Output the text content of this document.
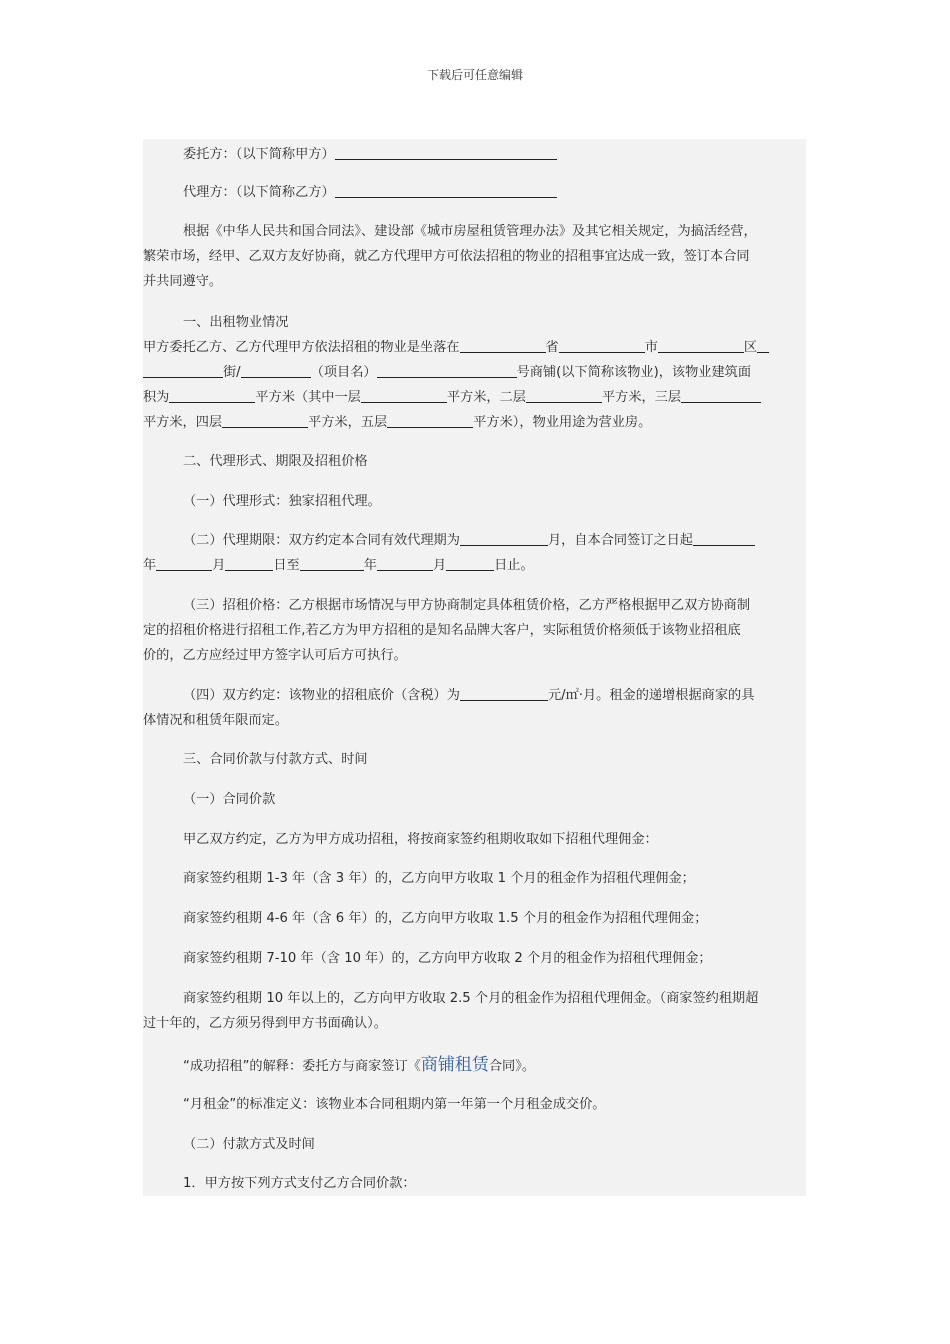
下载后可任意编辑

委托方：（以下简称甲方）

代理方：（以下简称乙方）

根据《中华人民共和国合同法》、建设部《城市房屋租赁管理办法》及其它相关规定，为搞活经营，
繁荣市场，经甲、乙双方友好协商，就乙方代理甲方可依法招租的物业的招租事宜达成一致，签订本合同
并共同遵守。

一、出租物业情况
甲方委托乙方、乙方代理甲方依法招租的物业是坐落在	省	市	区
街/	（项目名）	号商铺(以下简称该物业)，该物业建筑面
积为	平方米（其中一层	平方米，二层	平方米，三层
平方米，四层	平方米，五层	平方米），物业用途为营业房。

二、代理形式、期限及招租价格

（一）代理形式：独家招租代理。

（二）代理期限：双方约定本合同有效代理期为	月，自本合同签订之日起
年	月	日至	年	月	日止。

（三）招租价格：乙方根据市场情况与甲方协商制定具体租赁价格，乙方严格根据甲乙双方协商制
定的招租价格进行招租工作,若乙方为甲方招租的是知名品牌大客户，实际租赁价格须低于该物业招租底
价的，乙方应经过甲方签字认可后方可执行。

（四）双方约定：该物业的招租底价（含税）为	元/㎡·月。租金的递增根据商家的具
体情况和租赁年限而定。

三、合同价款与付款方式、时间

（一）合同价款

甲乙双方约定，乙方为甲方成功招租，将按商家签约租期收取如下招租代理佣金：

商家签约租期 1-3 年（含 3 年）的，乙方向甲方收取 1 个月的租金作为招租代理佣金；

商家签约租期 4-6 年（含 6 年）的，乙方向甲方收取 1.5 个月的租金作为招租代理佣金；

商家签约租期 7-10 年（含 10 年）的，乙方向甲方收取 2 个月的租金作为招租代理佣金；

商家签约租期 10 年以上的，乙方向甲方收取 2.5 个月的租金作为招租代理佣金。（商家签约租期超
过十年的，乙方须另得到甲方书面确认）。

“成功招租”的解释：委托方与商家签订《商铺租赁合同》。

“月租金”的标准定义：该物业本合同租期内第一年第一个月租金成交价。

（二）付款方式及时间

1．甲方按下列方式支付乙方合同价款：
